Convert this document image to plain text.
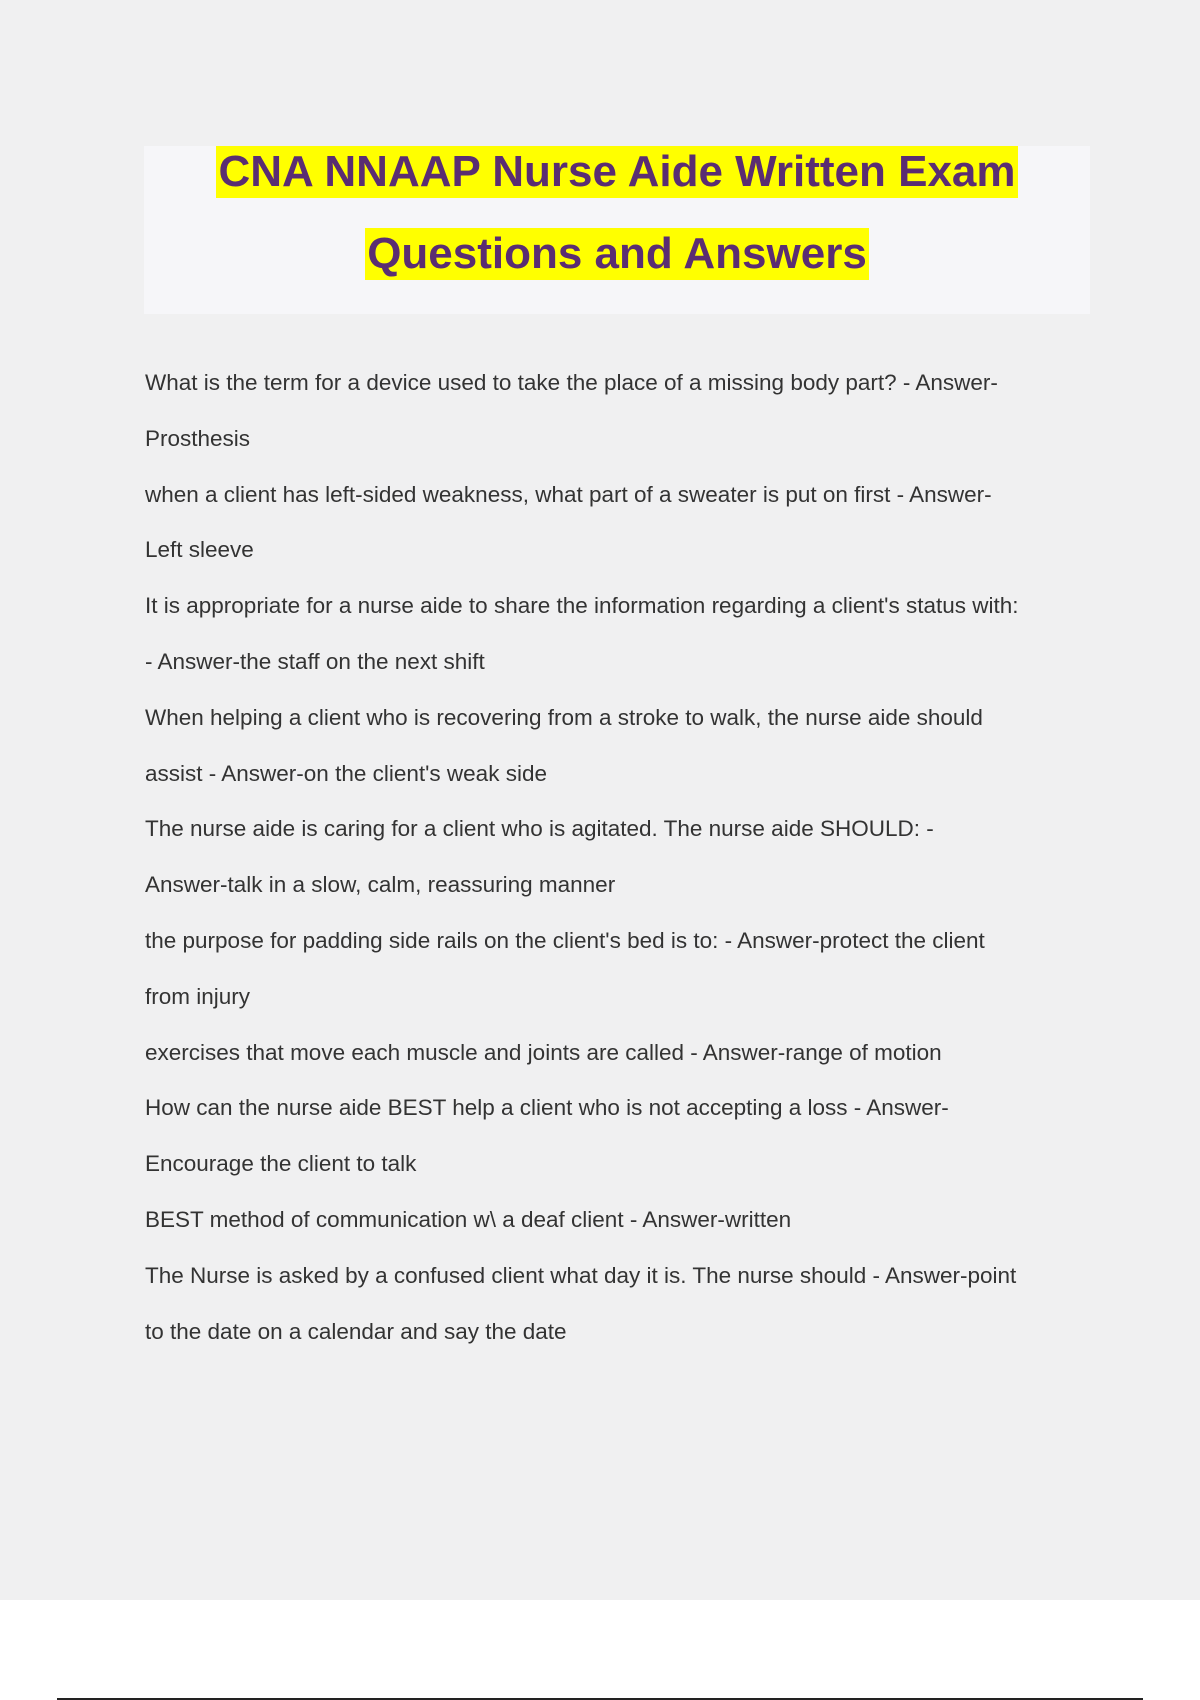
CNA NNAAP Nurse Aide Written Exam
Questions and Answers
What is the term for a device used to take the place of a missing body part? - Answer-
Prosthesis
when a client has left-sided weakness, what part of a sweater is put on first - Answer-
Left sleeve
It is appropriate for a nurse aide to share the information regarding a client's status with:
- Answer-the staff on the next shift
When helping a client who is recovering from a stroke to walk, the nurse aide should
assist - Answer-on the client's weak side
The nurse aide is caring for a client who is agitated. The nurse aide SHOULD: -
Answer-talk in a slow, calm, reassuring manner
the purpose for padding side rails on the client's bed is to: - Answer-protect the client
from injury
exercises that move each muscle and joints are called - Answer-range of motion
How can the nurse aide BEST help a client who is not accepting a loss - Answer-
Encourage the client to talk
BEST method of communication w\ a deaf client - Answer-written
The Nurse is asked by a confused client what day it is. The nurse should - Answer-point
to the date on a calendar and say the date
